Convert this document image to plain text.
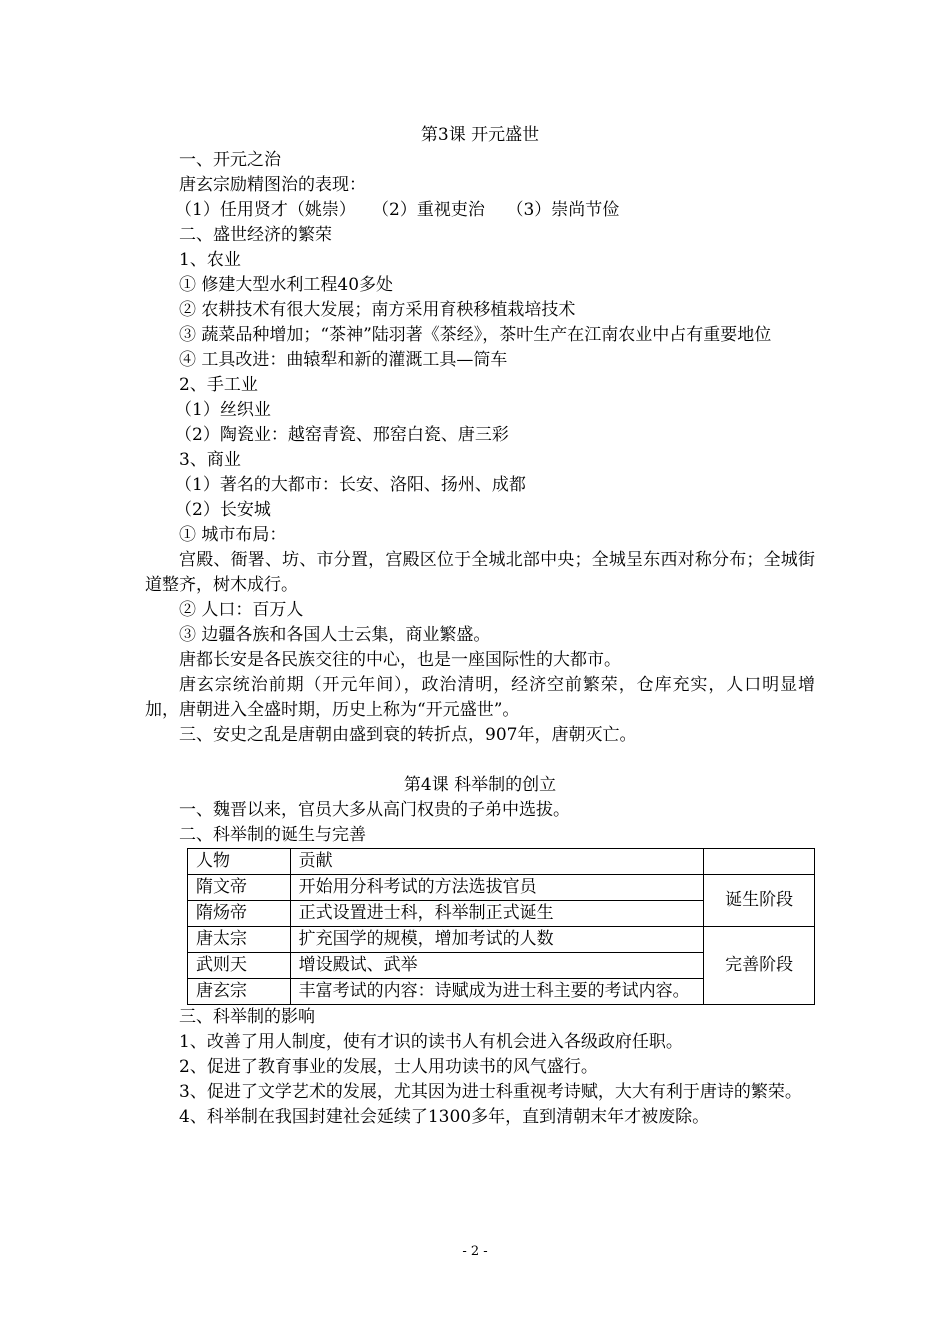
第3课 开元盛世
一、开元之治
唐玄宗励精图治的表现：
（1）任用贤才（姚崇）   （2）重视吏治    （3）崇尚节俭
二、盛世经济的繁荣
1、农业
① 修建大型水利工程40多处
② 农耕技术有很大发展；南方采用育秧移植栽培技术
③ 蔬菜品种增加；“茶神”陆羽著《茶经》，茶叶生产在江南农业中占有重要地位
④ 工具改进：曲辕犁和新的灌溉工具—筒车
2、手工业
（1）丝织业
（2）陶瓷业：越窑青瓷、邢窑白瓷、唐三彩
3、商业
（1）著名的大都市：长安、洛阳、扬州、成都
（2）长安城
① 城市布局：
宫殿、衙署、坊、市分置，宫殿区位于全城北部中央；全城呈东西对称分布；全城街道整齐，树木成行。
② 人口：百万人
③ 边疆各族和各国人士云集，商业繁盛。
唐都长安是各民族交往的中心，也是一座国际性的大都市。
唐玄宗统治前期（开元年间），政治清明，经济空前繁荣，仓库充实，人口明显增加，唐朝进入全盛时期，历史上称为“开元盛世”。
三、安史之乱是唐朝由盛到衰的转折点，907年，唐朝灭亡。
第4课 科举制的创立
一、魏晋以来，官员大多从高门权贵的子弟中选拔。
二、科举制的诞生与完善
人物	贡献	
隋文帝	开始用分科考试的方法选拔官员	诞生阶段
隋炀帝	正式设置进士科，科举制正式诞生	
唐太宗	扩充国学的规模，增加考试的人数	完善阶段
武则天	增设殿试、武举	
唐玄宗	丰富考试的内容：诗赋成为进士科主要的考试内容。	
三、科举制的影响
1、改善了用人制度，使有才识的读书人有机会进入各级政府任职。
2、促进了教育事业的发展，士人用功读书的风气盛行。
3、促进了文学艺术的发展，尤其因为进士科重视考诗赋，大大有利于唐诗的繁荣。
4、科举制在我国封建社会延续了1300多年，直到清朝末年才被废除。
- 2 -
